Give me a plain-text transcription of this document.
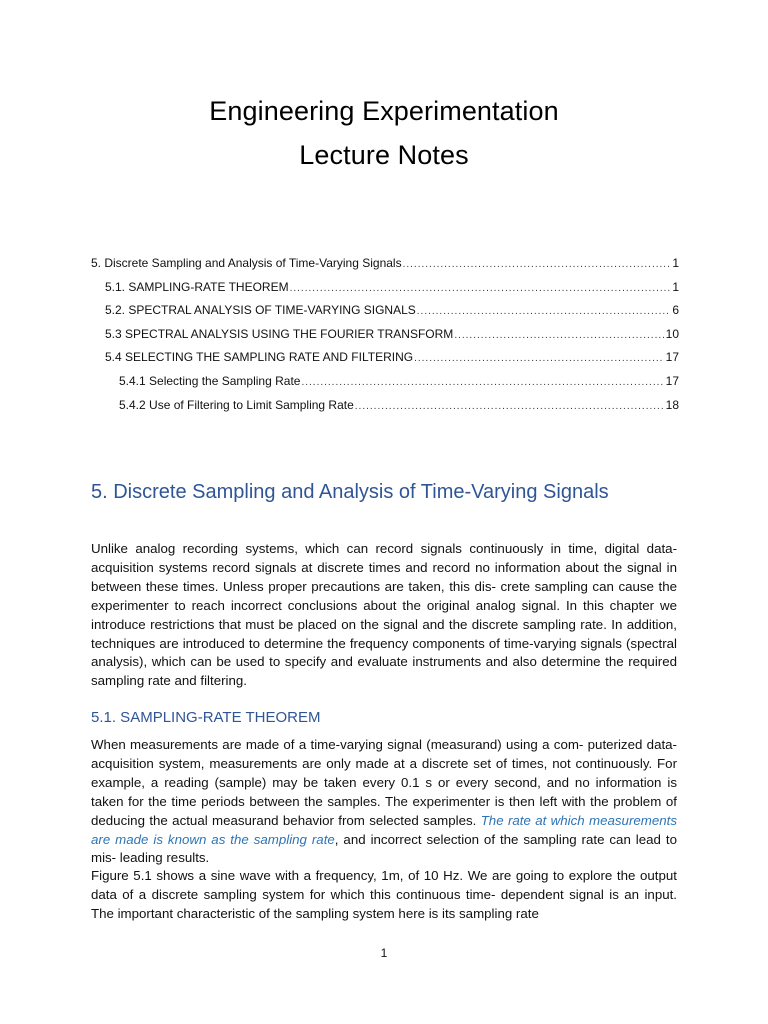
Engineering Experimentation
Lecture Notes
5. Discrete Sampling and Analysis of Time-Varying Signals .....	1
5.1. SAMPLING-RATE THEOREM .....	1
5.2. SPECTRAL ANALYSIS OF TIME-VARYING SIGNALS .....	6
5.3 SPECTRAL ANALYSIS USING THE FOURIER TRANSFORM .....	10
5.4 SELECTING THE SAMPLING RATE AND FILTERING .....	17
5.4.1 Selecting the Sampling Rate .....	17
5.4.2 Use of Filtering to Limit Sampling Rate .....	18
5. Discrete Sampling and Analysis of Time-Varying Signals
Unlike analog recording systems, which can record signals continuously in time, digital data-acquisition systems record signals at discrete times and record no information about the signal in between these times. Unless proper precautions are taken, this dis- crete sampling can cause the experimenter to reach incorrect conclusions about the original analog signal. In this chapter we introduce restrictions that must be placed on the signal and the discrete sampling rate. In addition, techniques are introduced to determine the frequency components of time-varying signals (spectral analysis), which can be used to specify and evaluate instruments and also determine the required sampling rate and filtering.
5.1. SAMPLING-RATE THEOREM
When measurements are made of a time-varying signal (measurand) using a com- puterized data-acquisition system, measurements are only made at a discrete set of times, not continuously. For example, a reading (sample) may be taken every 0.1 s or every second, and no information is taken for the time periods between the samples. The experimenter is then left with the problem of deducing the actual measurand behavior from selected samples. The rate at which measurements are made is known as the sampling rate, and incorrect selection of the sampling rate can lead to mis- leading results.
Figure 5.1 shows a sine wave with a frequency, 1m, of 10 Hz. We are going to explore the output data of a discrete sampling system for which this continuous time- dependent signal is an input. The important characteristic of the sampling system here is its sampling rate
1
